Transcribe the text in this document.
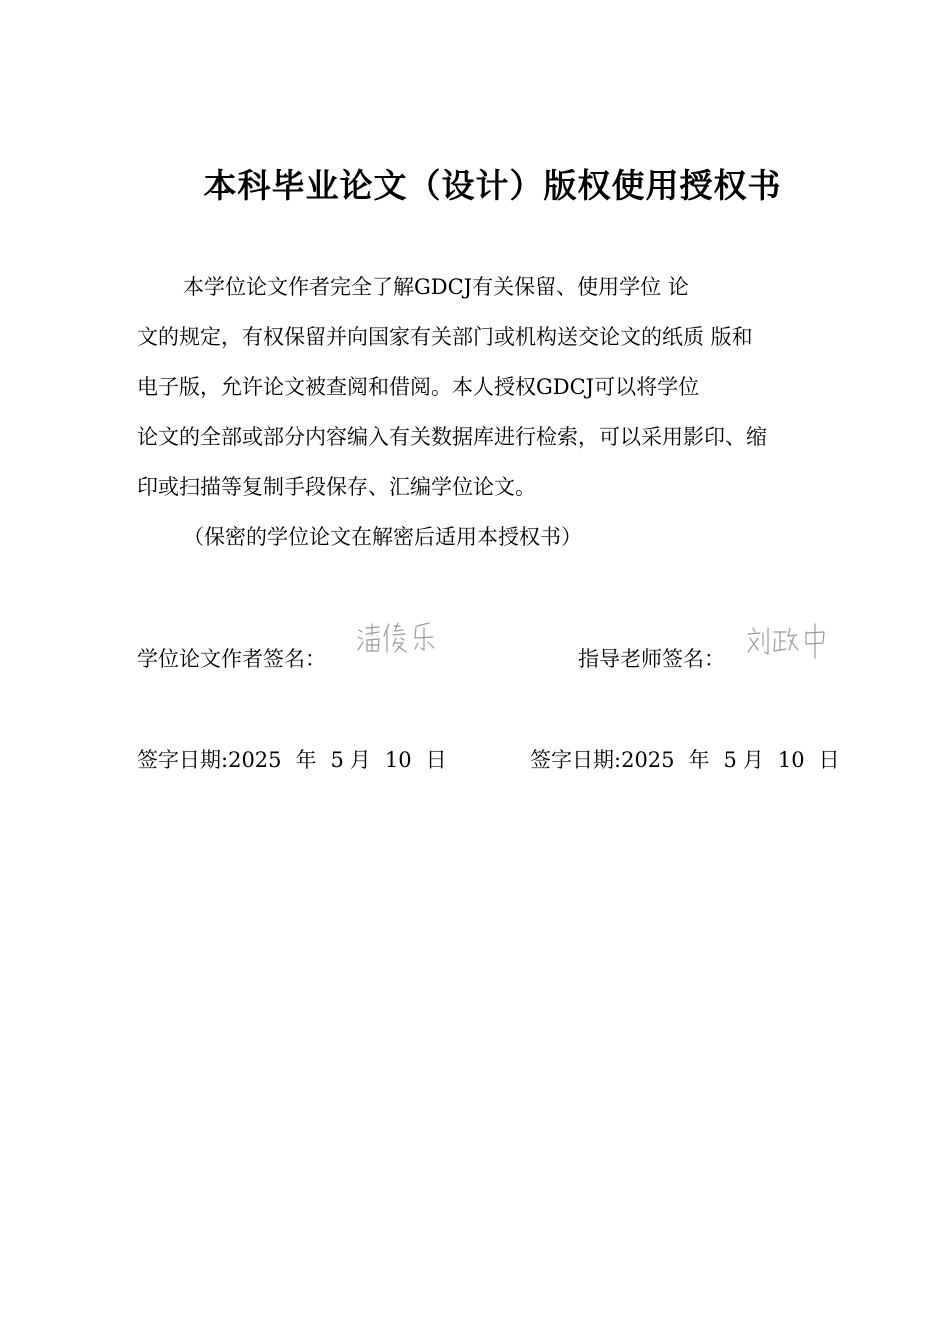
本科毕业论文（设计）版权使用授权书
本学位论文作者完全了解GDCJ有关保留、使用学位 论
文的规定，有权保留并向国家有关部门或机构送交论文的纸质 版和
电子版，允许论文被查阅和借阅。本人授权GDCJ可以将学位
论文的全部或部分内容编入有关数据库进行检索，可以采用影印、缩
印或扫描等复制手段保存、汇编学位论文。
（保密的学位论文在解密后适用本授权书）
学位论文作者签名：	指导老师签名：
签字日期:2025 年 5 月 10 日	签字日期:2025 年 5 月 10 日
